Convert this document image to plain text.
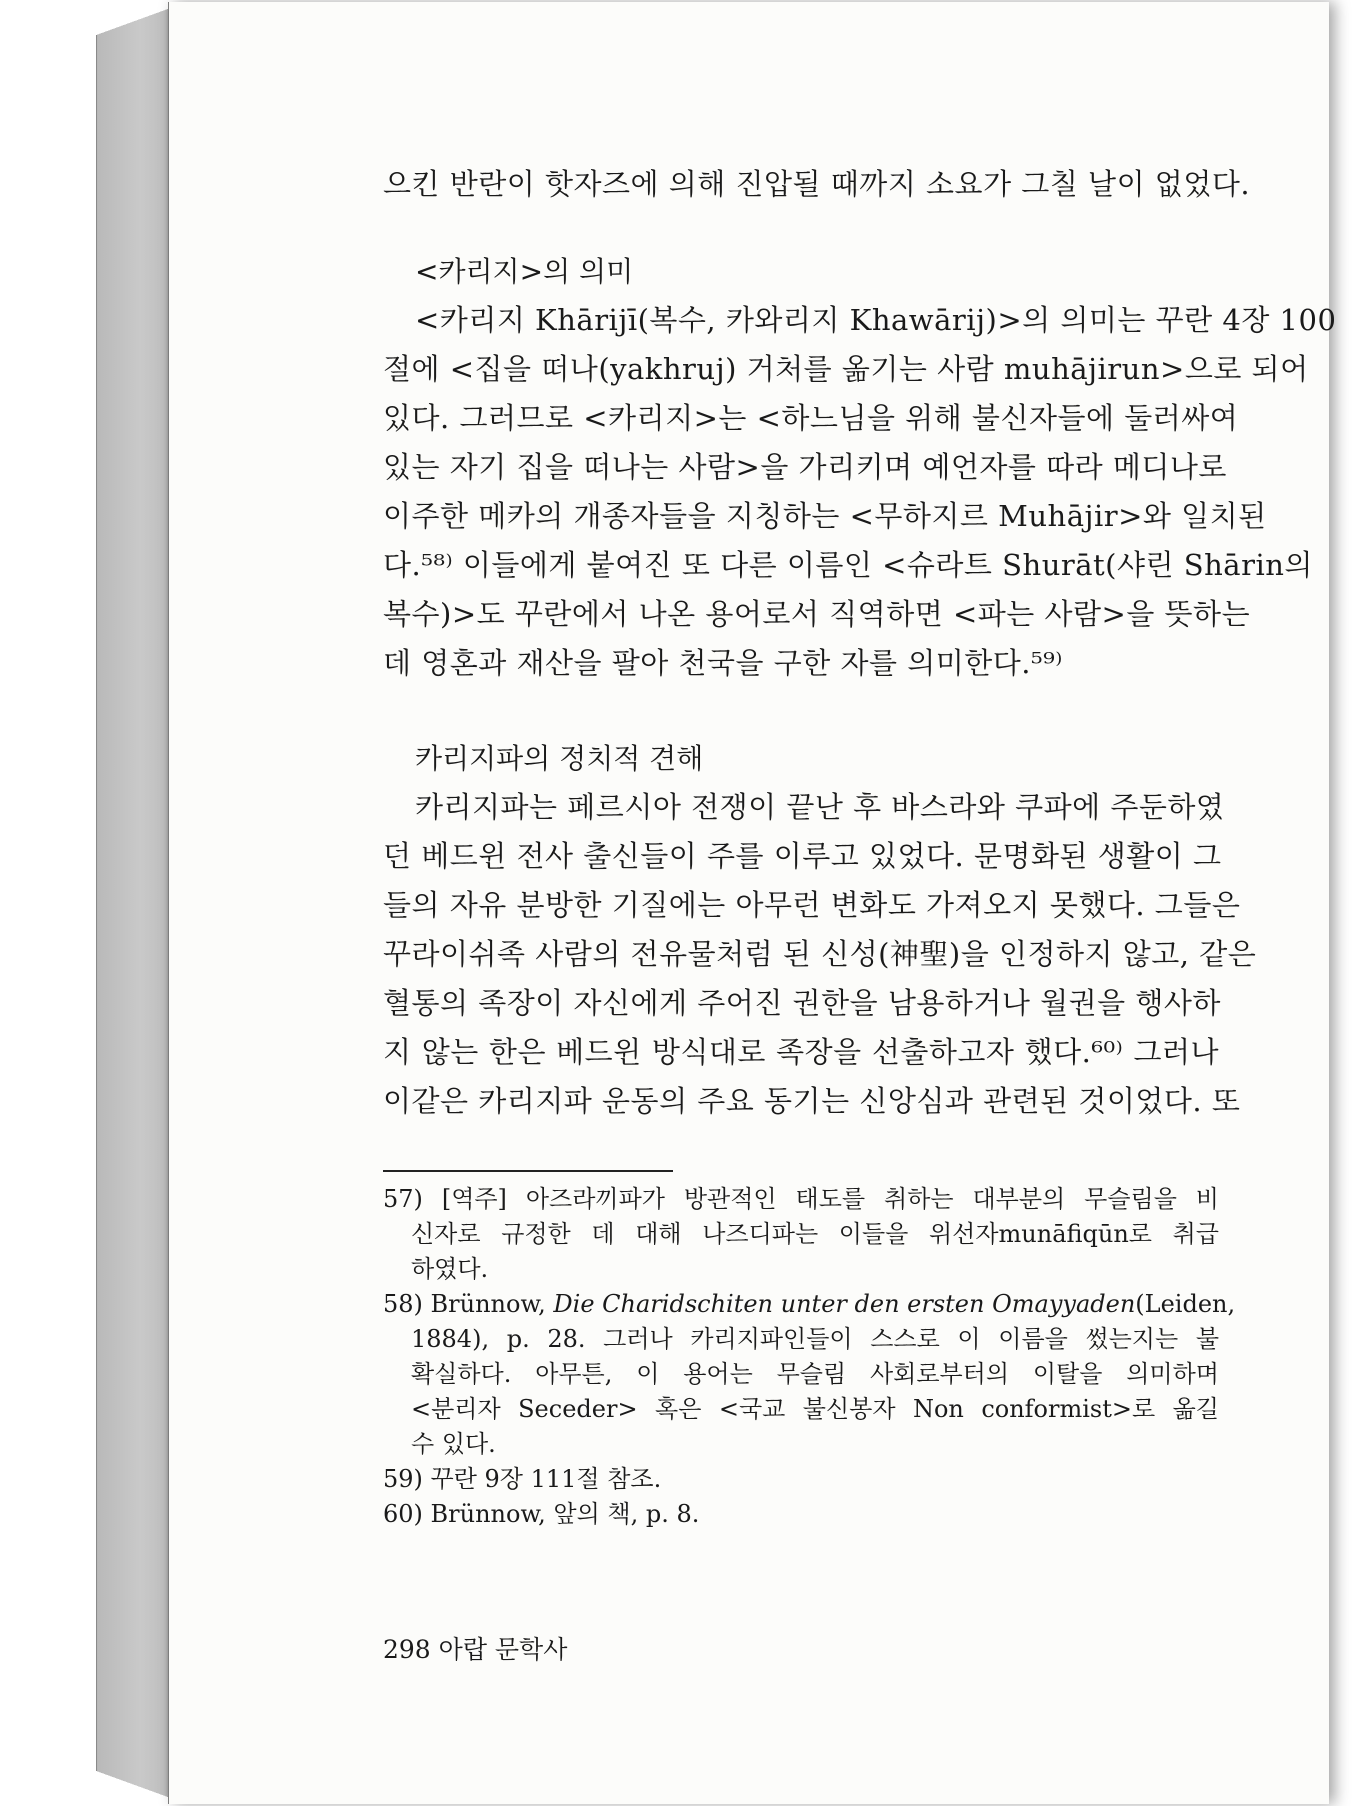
으킨 반란이 핫자즈에 의해 진압될 때까지 소요가 그칠 날이 없었다.
<카리지>의 의미
<카리지 Khārijī(복수, 카와리지 Khawārij)>의 의미는 꾸란 4장 100
절에 <집을 떠나(yakhruj) 거처를 옮기는 사람 muhājirun>으로 되어
있다. 그러므로 <카리지>는 <하느님을 위해 불신자들에 둘러싸여
있는 자기 집을 떠나는 사람>을 가리키며 예언자를 따라 메디나로
이주한 메카의 개종자들을 지칭하는 <무하지르 Muhājir>와 일치된
다.⁵⁸⁾ 이들에게 붙여진 또 다른 이름인 <슈라트 Shurāt(샤린 Shārin의
복수)>도 꾸란에서 나온 용어로서 직역하면 <파는 사람>을 뜻하는
데 영혼과 재산을 팔아 천국을 구한 자를 의미한다.⁵⁹⁾
카리지파의 정치적 견해
카리지파는 페르시아 전쟁이 끝난 후 바스라와 쿠파에 주둔하였
던 베드윈 전사 출신들이 주를 이루고 있었다. 문명화된 생활이 그
들의 자유 분방한 기질에는 아무런 변화도 가져오지 못했다. 그들은
꾸라이쉬족 사람의 전유물처럼 된 신성(神聖)을 인정하지 않고, 같은
혈통의 족장이 자신에게 주어진 권한을 남용하거나 월권을 행사하
지 않는 한은 베드윈 방식대로 족장을 선출하고자 했다.⁶⁰⁾ 그러나
이같은 카리지파 운동의 주요 동기는 신앙심과 관련된 것이었다. 또
57) [역주] 아즈라끼파가 방관적인 태도를 취하는 대부분의 무슬림을 비
신자로 규정한 데 대해 나즈디파는 이들을 위선자munāfiqūn로 취급
하였다.
58) Brünnow, Die Charidschiten unter den ersten Omayyaden(Leiden,
1884), p. 28. 그러나 카리지파인들이 스스로 이 이름을 썼는지는 불
확실하다. 아무튼, 이 용어는 무슬림 사회로부터의 이탈을 의미하며
<분리자 Seceder> 혹은 <국교 불신봉자 Non conformist>로 옮길
수 있다.
59) 꾸란 9장 111절 참조.
60) Brünnow, 앞의 책, p. 8.
298 아랍 문학사
